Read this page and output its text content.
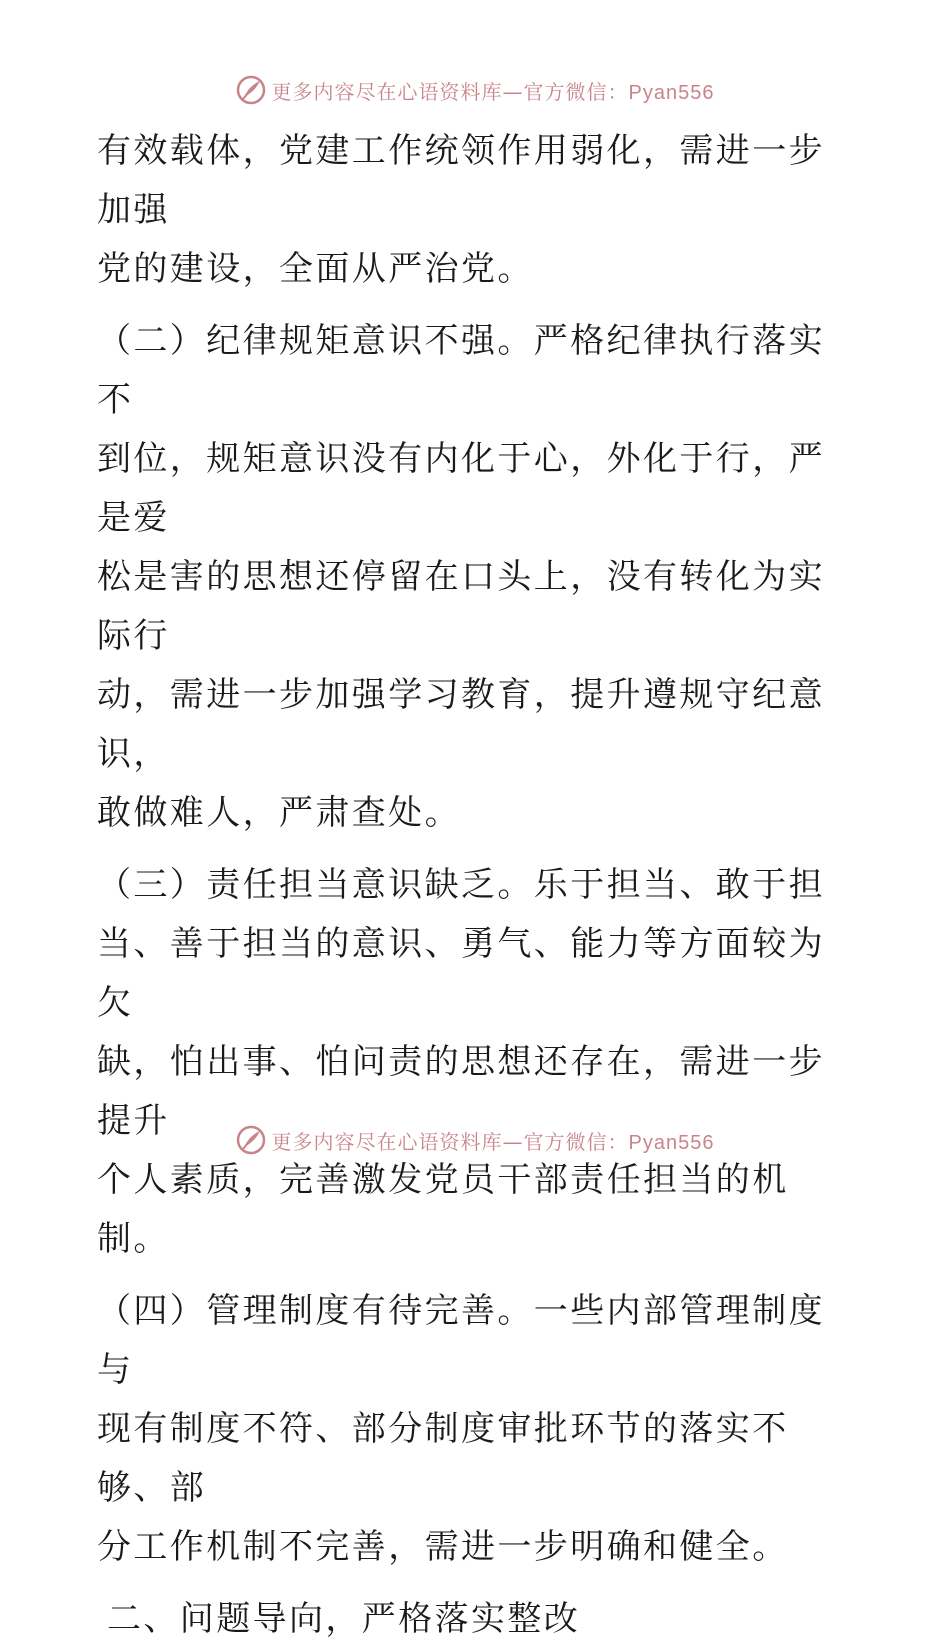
更多内容尽在心语资料库—官方微信：Pyan556

有效载体，党建工作统领作用弱化，需进一步加强
党的建设，全面从严治党。

（二）纪律规矩意识不强。严格纪律执行落实不
到位，规矩意识没有内化于心，外化于行，严是爱
松是害的思想还停留在口头上，没有转化为实际行
动，需进一步加强学习教育，提升遵规守纪意识，
敢做难人，严肃查处。

（三）责任担当意识缺乏。乐于担当、敢于担
当、善于担当的意识、勇气、能力等方面较为欠
缺，怕出事、怕问责的思想还存在，需进一步提升
个人素质，完善激发党员干部责任担当的机制。

（四）管理制度有待完善。一些内部管理制度与
现有制度不符、部分制度审批环节的落实不够、部
分工作机制不完善，需进一步明确和健全。

二、问题导向，严格落实整改

更多内容尽在心语资料库—官方微信：Pyan556
